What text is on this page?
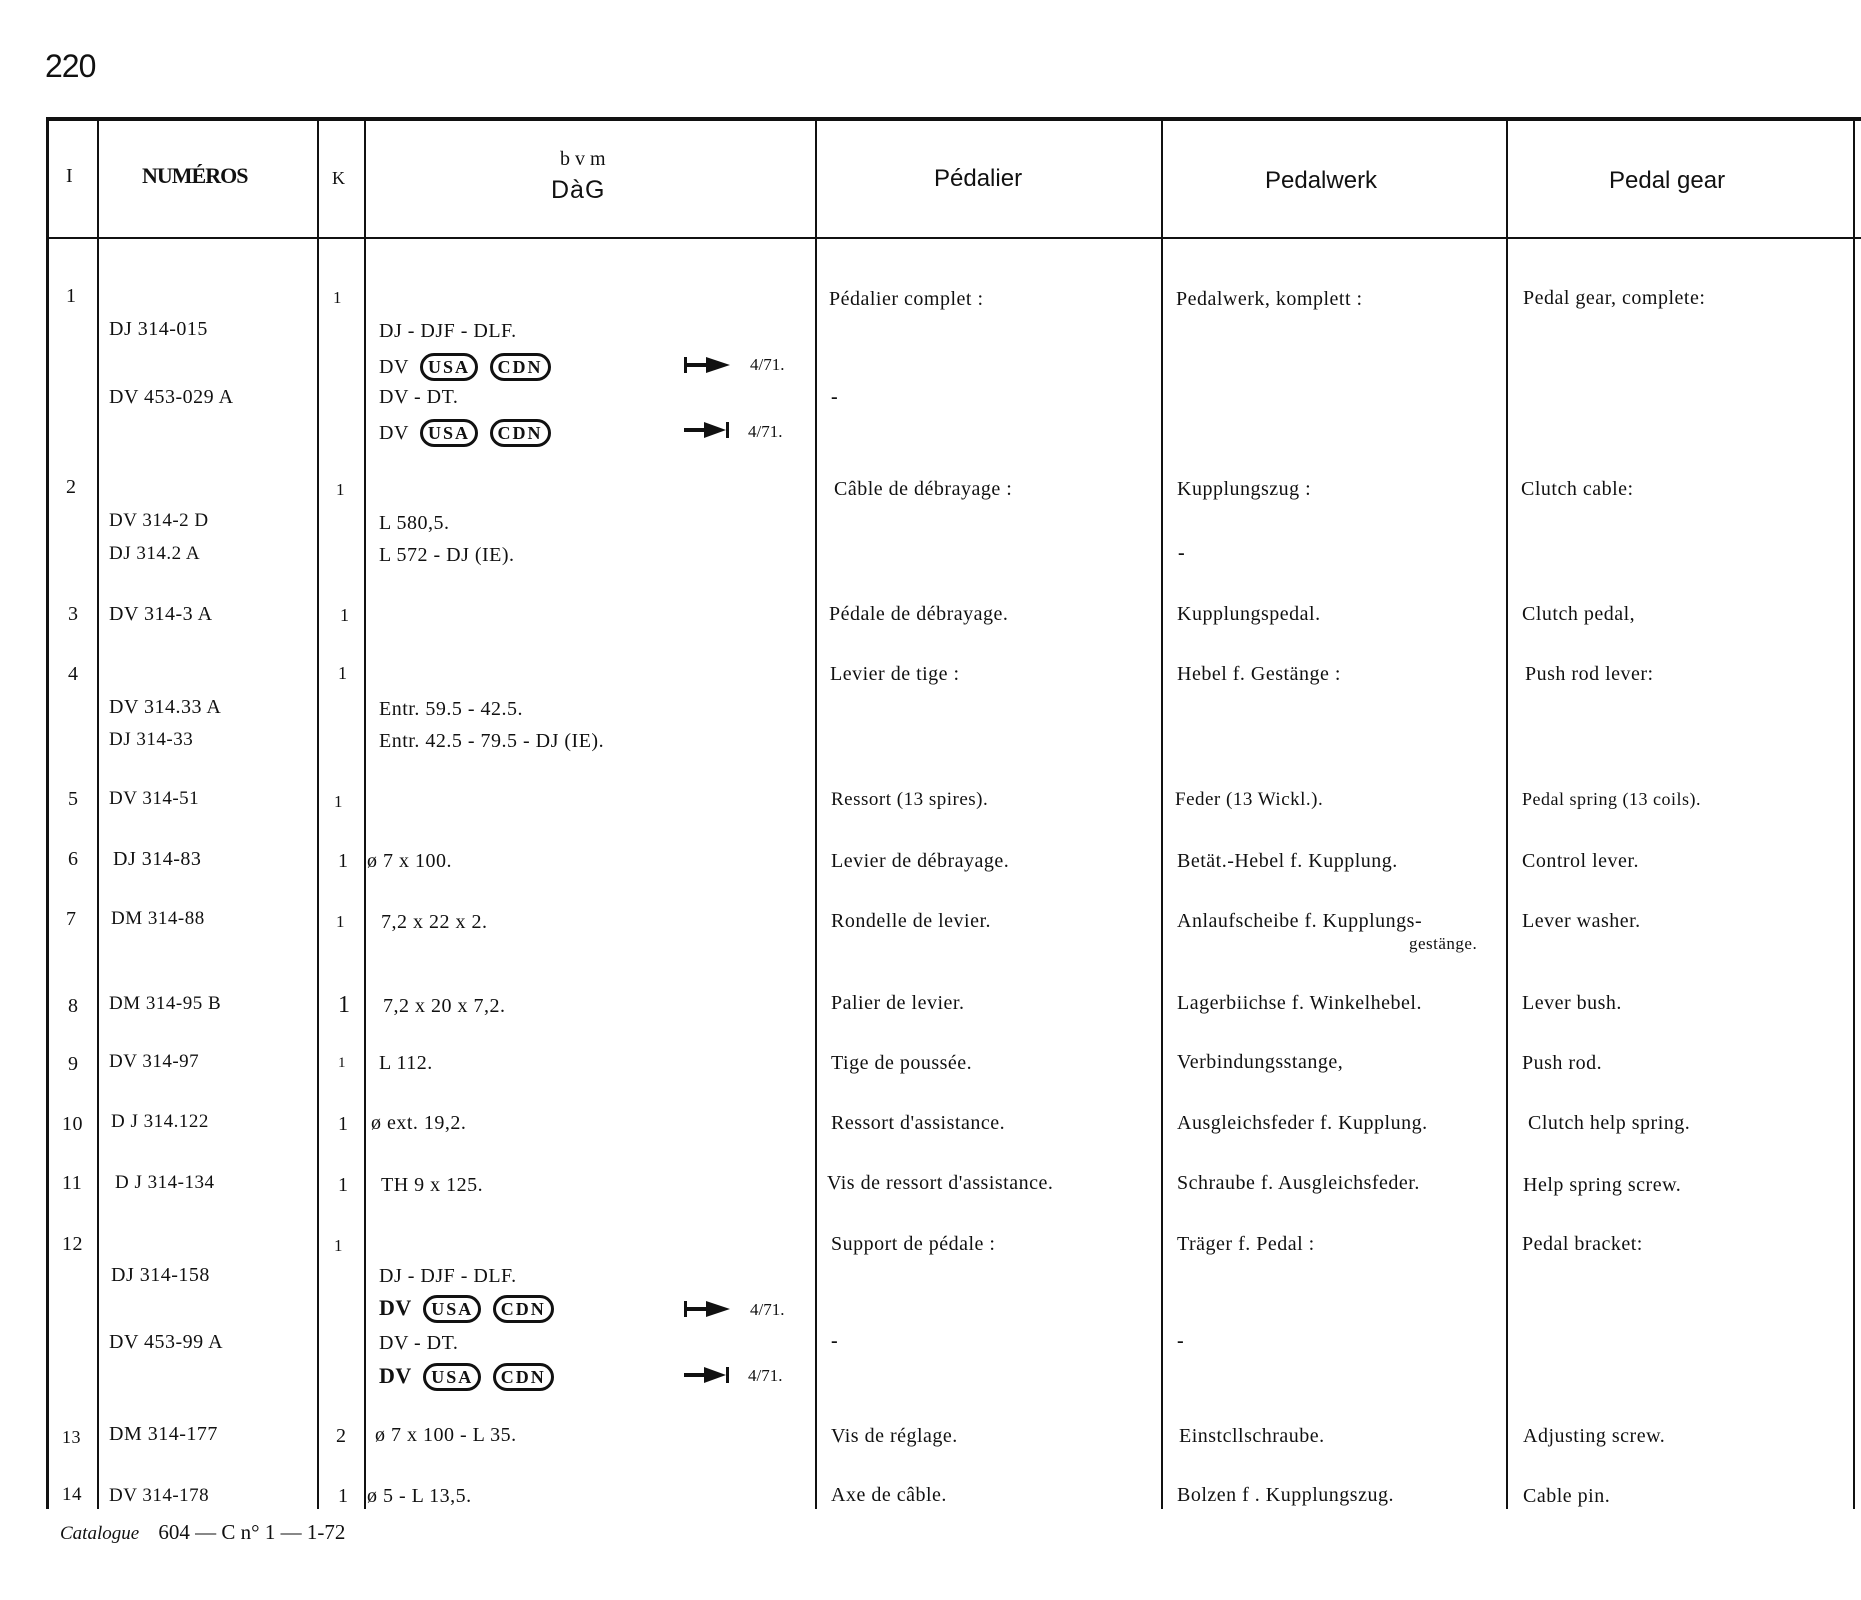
220
I	NUMÉROS	K
b v m
DàG	Pédalier	Pedalwerk	Pedal gear
1	1	Pédalier complet :	Pedalwerk, komplett :	Pedal gear, complete:
DJ 314-015	DJ - DJF - DLF.
DV USA CDN	4/71.
DV 453-029 A	DV - DT.	-
DV USA CDN	4/71.
2	1	Câble de débrayage :	Kupplungszug :	Clutch cable:
DV 314-2 D	L 580,5.
DJ 314.2 A	L 572 - DJ (IE).	-
3 DV 314-3 A	1	Pédale de débrayage.	Kupplungspedal.	Clutch pedal,
4	1	Levier de tige :	Hebel f. Gestänge :	Push rod lever:
DV 314.33 A	Entr. 59.5 - 42.5.
DJ 314-33	Entr. 42.5 - 79.5 - DJ (IE).
5 DV 314-51	1	Ressort (13 spires).	Feder (13 Wickl.).	Pedal spring (13 coils).
6 DJ 314-83	1 ø 7 x 100.	Levier de débrayage.	Betät.-Hebel f. Kupplung.	Control lever.
7 DM 314-88	1 7,2 x 22 x 2.	Rondelle de levier.	Anlaufscheibe f. Kupplungs-
gestänge.
Lever washer.
8 DM 314-95 B	1 7,2 x 20 x 7,2.	Palier de levier.	Lagerbiichse f. Winkelhebel.	Lever bush.
9 DV 314-97	1 L 112.	Tige de poussée.	Verbindungsstange,	Push rod.
10 D J 314.122	1 ø ext. 19,2.	Ressort d'assistance.	Ausgleichsfeder f. Kupplung.	Clutch help spring.
11 D J 314-134	1 TH 9 x 125.	Vis de ressort d'assistance.	Schraube f. Ausgleichsfeder.	Help spring screw.
12	1	Support de pédale :	Träger f. Pedal :	Pedal bracket:
DJ 314-158	DJ - DJF - DLF.
DV USA CDN	4/71.
DV 453-99 A	DV - DT.	-	-
DV USA CDN	4/71.
13 DM 314-177	2 ø 7 x 100 - L 35.	Vis de réglage.	Einstcllschraube.	Adjusting screw.
14 DV 314-178	1 ø 5 - L 13,5.	Axe de câble.	Bolzen f . Kupplungszug.	Cable pin.
Catalogue 604 — C n° 1 — 1-72
